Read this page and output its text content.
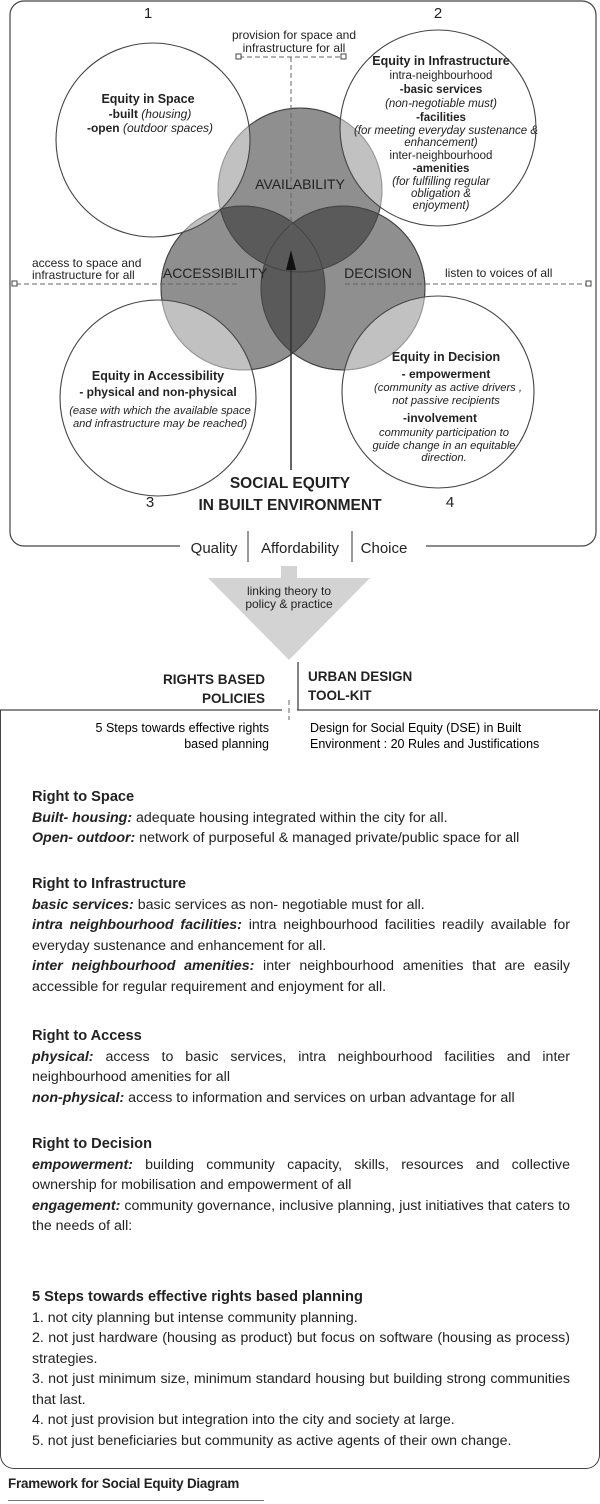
1	2
3	4
provision for space and
infrastructure for all
access to space and
infrastructure for all	listen to voices of all
AVAILABILITY
ACCESSIBILITY	DECISION
Equity in Space
-built (housing)
-open (outdoor spaces)
Equity in Infrastructure
intra-neighbourhood
-basic services
(non-negotiable must)
-facilities
(for meeting everyday sustenance &
enhancement)
inter-neighbourhood
-amenities
(for fulfilling regular
obligation &
enjoyment)
Equity in Accessibility
- physical and non-physical
(ease with which the available space
and infrastructure may be reached)
Equity in Decision
- empowerment
(community as active drivers ,
not passive recipients
-involvement
community participation to
guide change in an equitable
direction.
SOCIAL EQUITY
IN BUILT ENVIRONMENT
Quality Affordability Choice
linking theory to
policy & practice
RIGHTS BASED
POLICIES
URBAN DESIGN
TOOL-KIT
5 Steps towards effective rights
based planning
Design for Social Equity (DSE) in Built
Environment : 20 Rules and Justifications

Right to Space

Built- housing: adequate housing integrated within the city for all.

Open- outdoor: network of purposeful & managed private/public space for all

Right to Infrastructure

basic services: basic services as non- negotiable must for all.

intra neighbourhood facilities: intra neighbourhood facilities readily available for everyday sustenance and enhancement for all.

inter neighbourhood amenities: inter neighbourhood amenities that are easily accessible for regular requirement and enjoyment for all.

Right to Access

physical: access to basic services, intra neighbourhood facilities and inter neighbourhood amenities for all

non-physical: access to information and services on urban advantage for all

Right to Decision

empowerment: building community capacity, skills, resources and collective ownership for mobilisation and empowerment of all

engagement: community governance, inclusive planning, just initiatives that caters to the needs of all:

5 Steps towards effective rights based planning

1. not city planning but intense community planning.

2. not just hardware (housing as product) but focus on software (housing as process) strategies.

3. not just minimum size, minimum standard housing but building strong communities that last.

4. not just provision but integration into the city and society at large.

5. not just beneficiaries but community as active agents of their own change.

Framework for Social Equity Diagram
